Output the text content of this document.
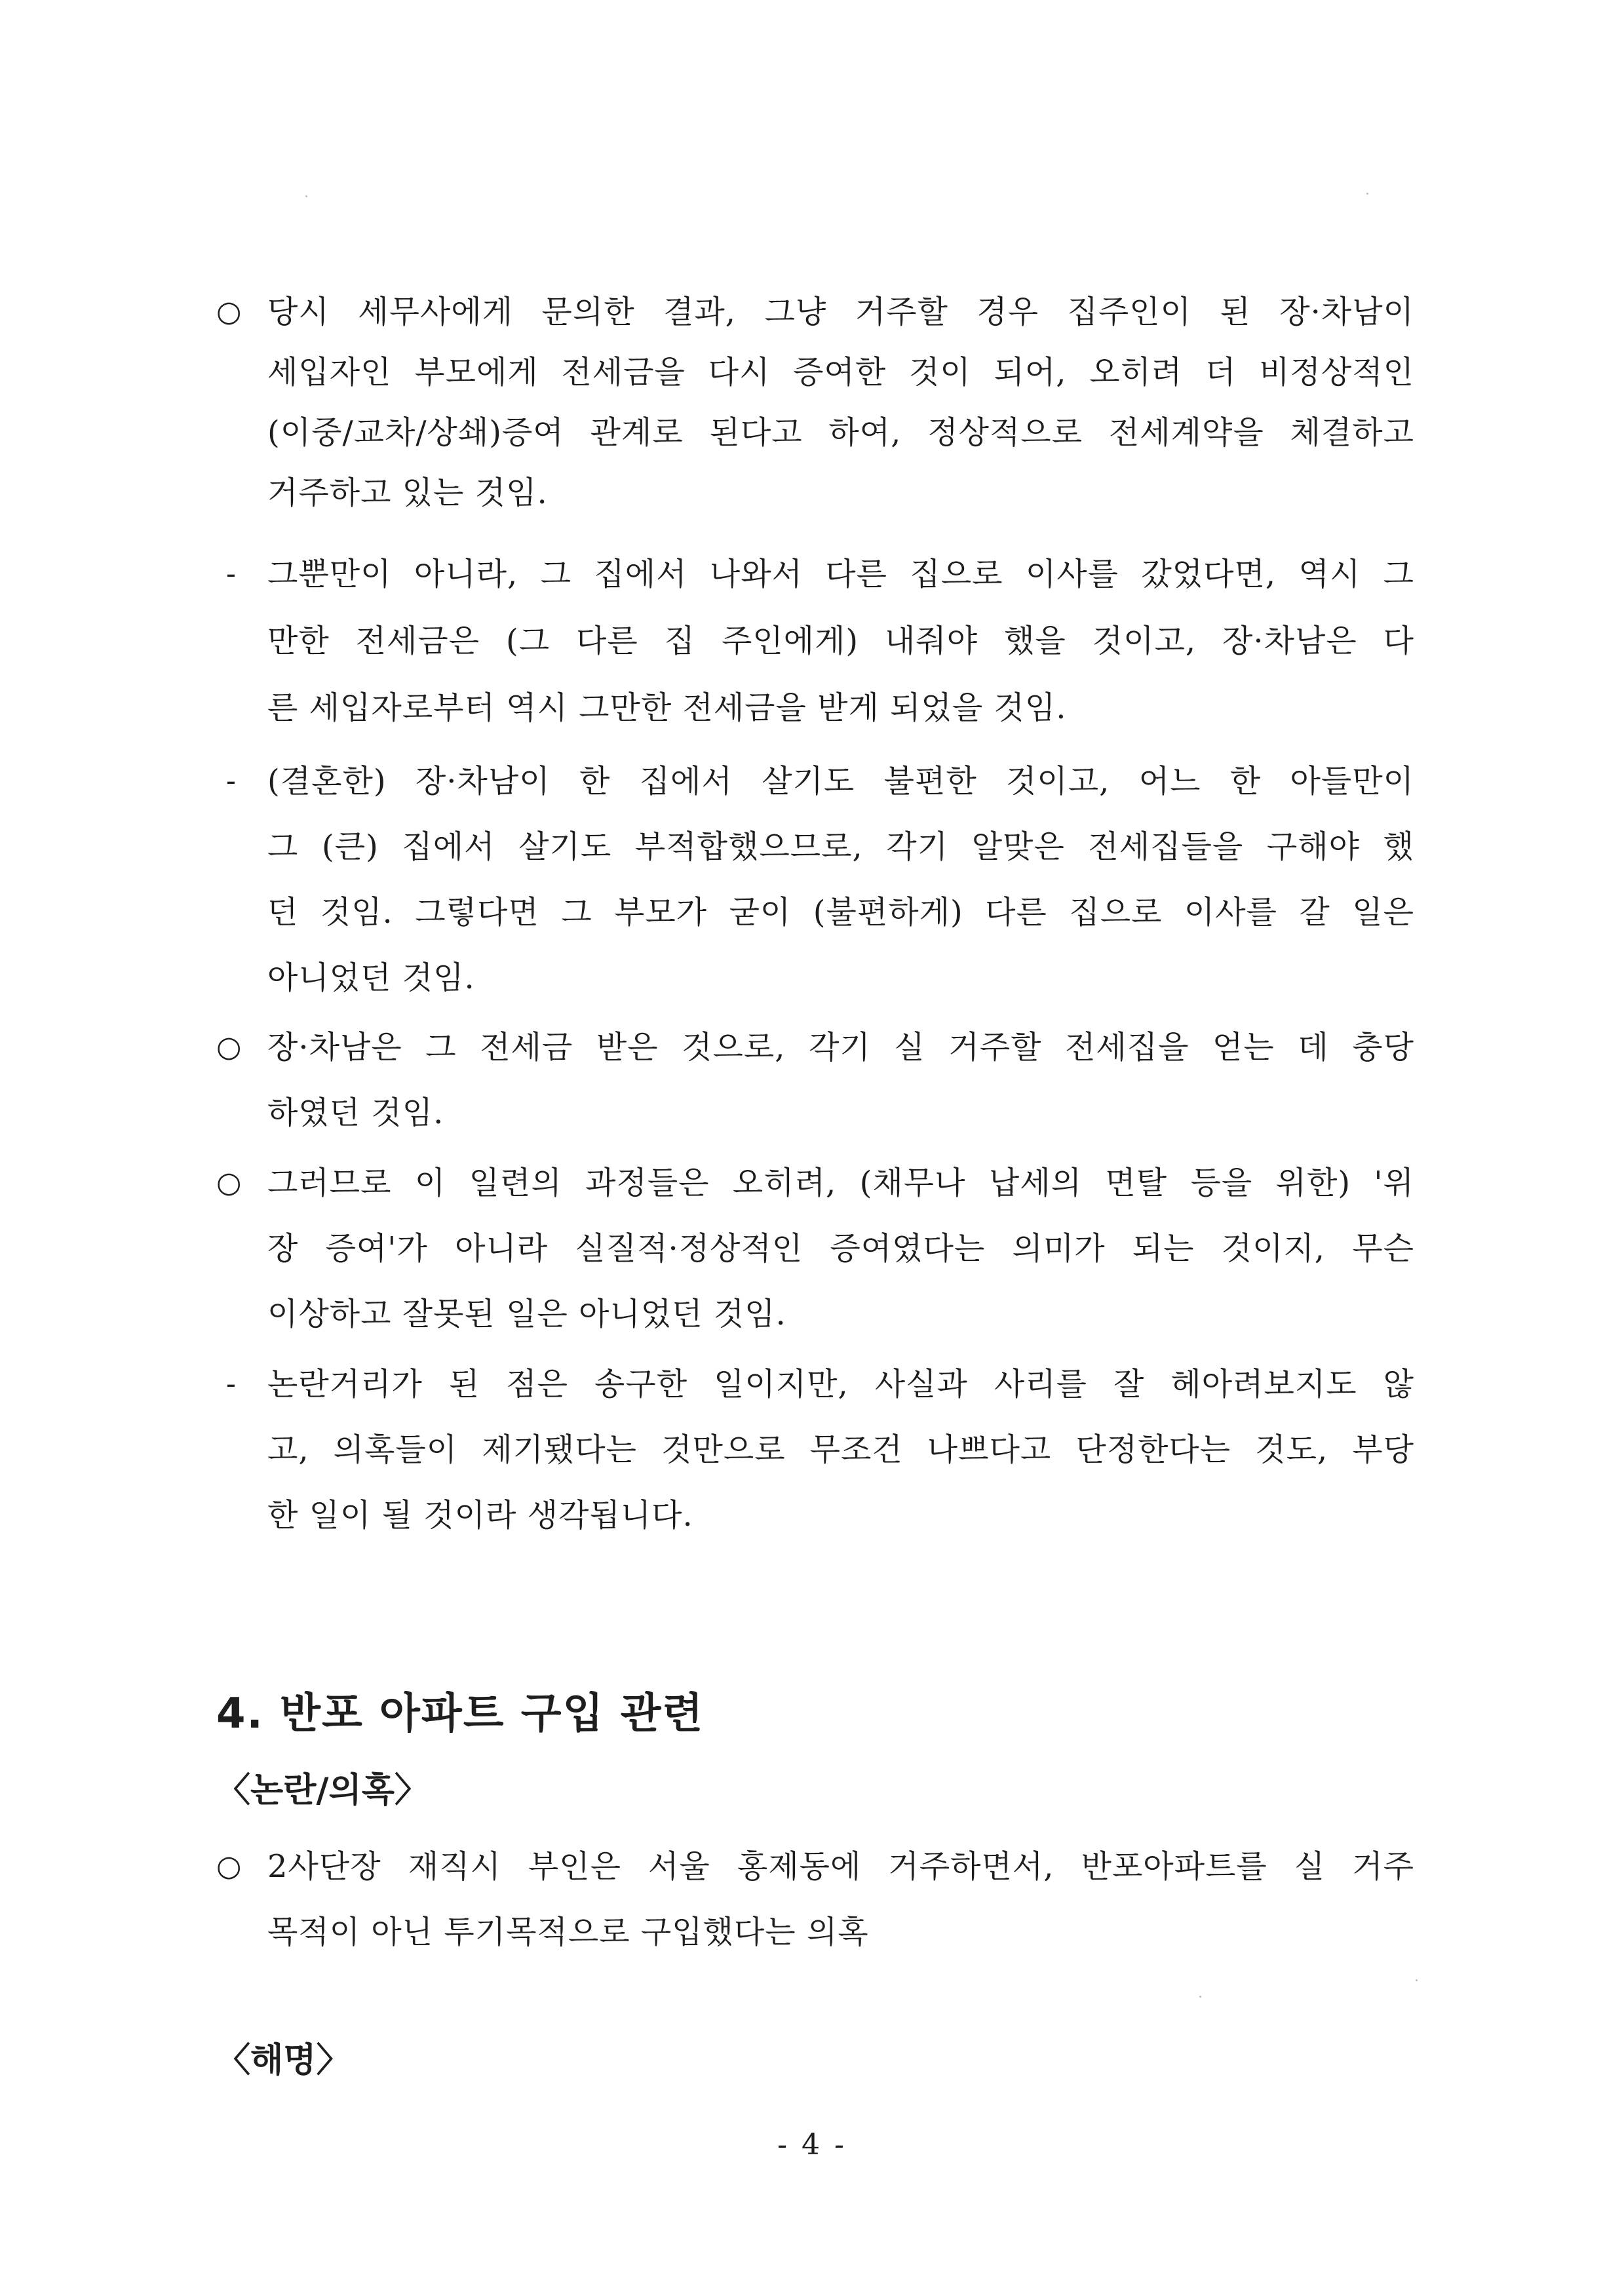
○ 당시 세무사에게 문의한 결과, 그냥 거주할 경우 집주인이 된 장·차남이
세입자인 부모에게 전세금을 다시 증여한 것이 되어, 오히려 더 비정상적인
(이중/교차/상쇄)증여 관계로 된다고 하여, 정상적으로 전세계약을 체결하고
거주하고 있는 것임.
- 그뿐만이 아니라, 그 집에서 나와서 다른 집으로 이사를 갔었다면, 역시 그
만한 전세금은 (그 다른 집 주인에게) 내줘야 했을 것이고, 장·차남은 다
른 세입자로부터 역시 그만한 전세금을 받게 되었을 것임.
- (결혼한) 장·차남이 한 집에서 살기도 불편한 것이고, 어느 한 아들만이
그 (큰) 집에서 살기도 부적합했으므로, 각기 알맞은 전세집들을 구해야 했
던 것임. 그렇다면 그 부모가 굳이 (불편하게) 다른 집으로 이사를 갈 일은
아니었던 것임.
○ 장·차남은 그 전세금 받은 것으로, 각기 실 거주할 전세집을 얻는 데 충당
하였던 것임.
○ 그러므로 이 일련의 과정들은 오히려, (채무나 납세의 면탈 등을 위한) '위
장 증여'가 아니라 실질적·정상적인 증여였다는 의미가 되는 것이지, 무슨
이상하고 잘못된 일은 아니었던 것임.
- 논란거리가 된 점은 송구한 일이지만, 사실과 사리를 잘 헤아려보지도 않
고, 의혹들이 제기됐다는 것만으로 무조건 나쁘다고 단정한다는 것도, 부당
한 일이 될 것이라 생각됩니다.
4. 반포 아파트 구입 관련
〈논란/의혹〉
○ 2사단장 재직시 부인은 서울 홍제동에 거주하면서, 반포아파트를 실 거주
목적이 아닌 투기목적으로 구입했다는 의혹
〈해명〉
- 4 -
